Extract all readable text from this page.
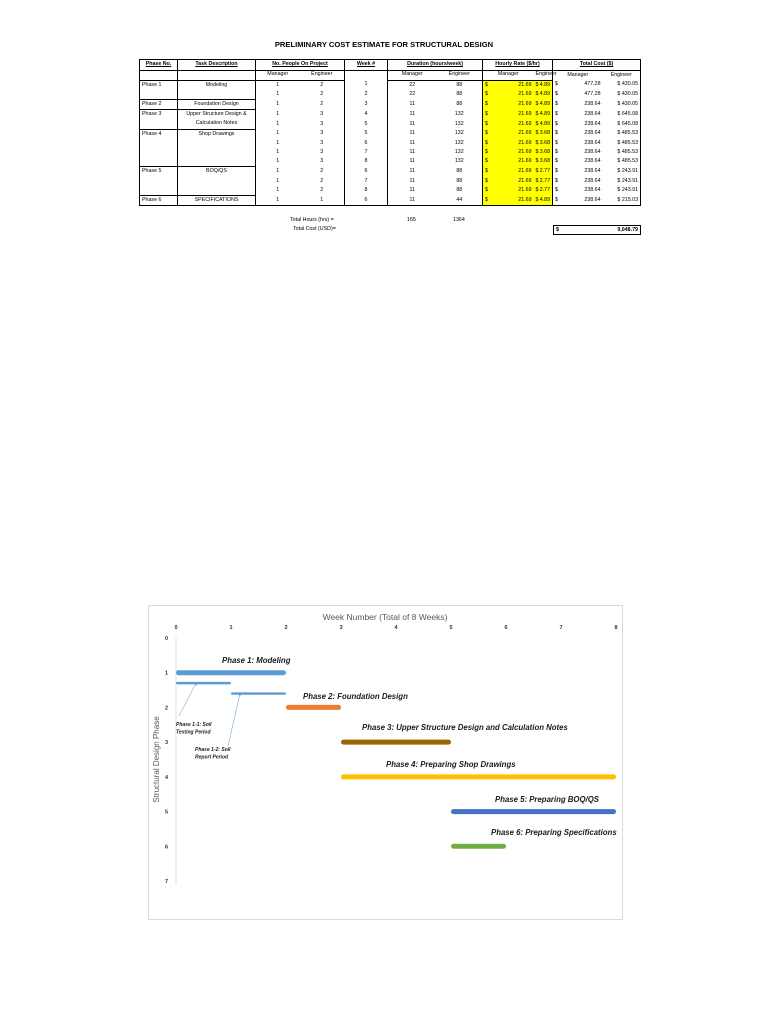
PRELIMINARY COST ESTIMATE FOR STRUCTURAL DESIGN
Phase No.	Task Description	No. People On Project		Week #	Duration (hours/week)		Hourly Rate ($/hr)			Total Cost ($)	
		Manager	Engineer		Manager	Engineer	Manager		Engineer	Manager	Engineer
Phase 1	Modeling	1	2	1	22	88	$	21.69	$ 4.89	$ 477.28	$ 430.05
		1	2	2	22	88	$	21.69	$ 4.89	$ 477.28	$ 430.05
Phase 2	Foundation Design	1	2	3	11	88	$	21.69	$ 4.89	$ 238.64	$ 430.05
Phase 3	Upper Structure Design &	1	3	4	11	132	$	21.69	$ 4.89	$ 238.64	$ 645.08
	Calculation Notes	1	3	5	11	132	$	21.69	$ 4.89	$ 238.64	$ 645.08
Phase 4	Shop Drawings	1	3	5	11	132	$	21.69	$ 3.68	$ 238.64	$ 485.53
		1	3	6	11	132	$	21.69	$ 3.68	$ 238.64	$ 485.53
		1	3	7	11	132	$	21.69	$ 3.68	$ 238.64	$ 485.53
		1	3	8	11	132	$	21.69	$ 3.68	$ 238.64	$ 485.53
Phase 5	BOQ/QS	1	2	6	11	88	$	21.69	$ 2.77	$ 238.64	$ 243.91
		1	2	7	11	88	$	21.69	$ 2.77	$ 238.64	$ 243.91
		1	2	8	11	88	$	21.69	$ 2.77	$ 238.64	$ 243.91
Phase 6	SPECIFICATIONS	1	1	6	11	44	$	21.69	$ 4.89	$ 238.64	$ 215.03
Total Hours (hrs) =
Total Cost (USD)=
165	1364
$	9,048.79
Week Number (Total of 8 Weeks)
Structural Design Phase
0	1	2	3	4	5	6	7	8
0
1
2
3
4
5
6
7
Phase 1: Modeling
Phase 1-1: Soil Testing Period
Phase 1-2: Soil Report Period
Phase 2: Foundation Design
Phase 3: Upper Structure Design and Calculation Notes
Phase 4: Preparing Shop Drawings
Phase 5: Preparing BOQ/QS
Phase 6: Preparing Specifications
